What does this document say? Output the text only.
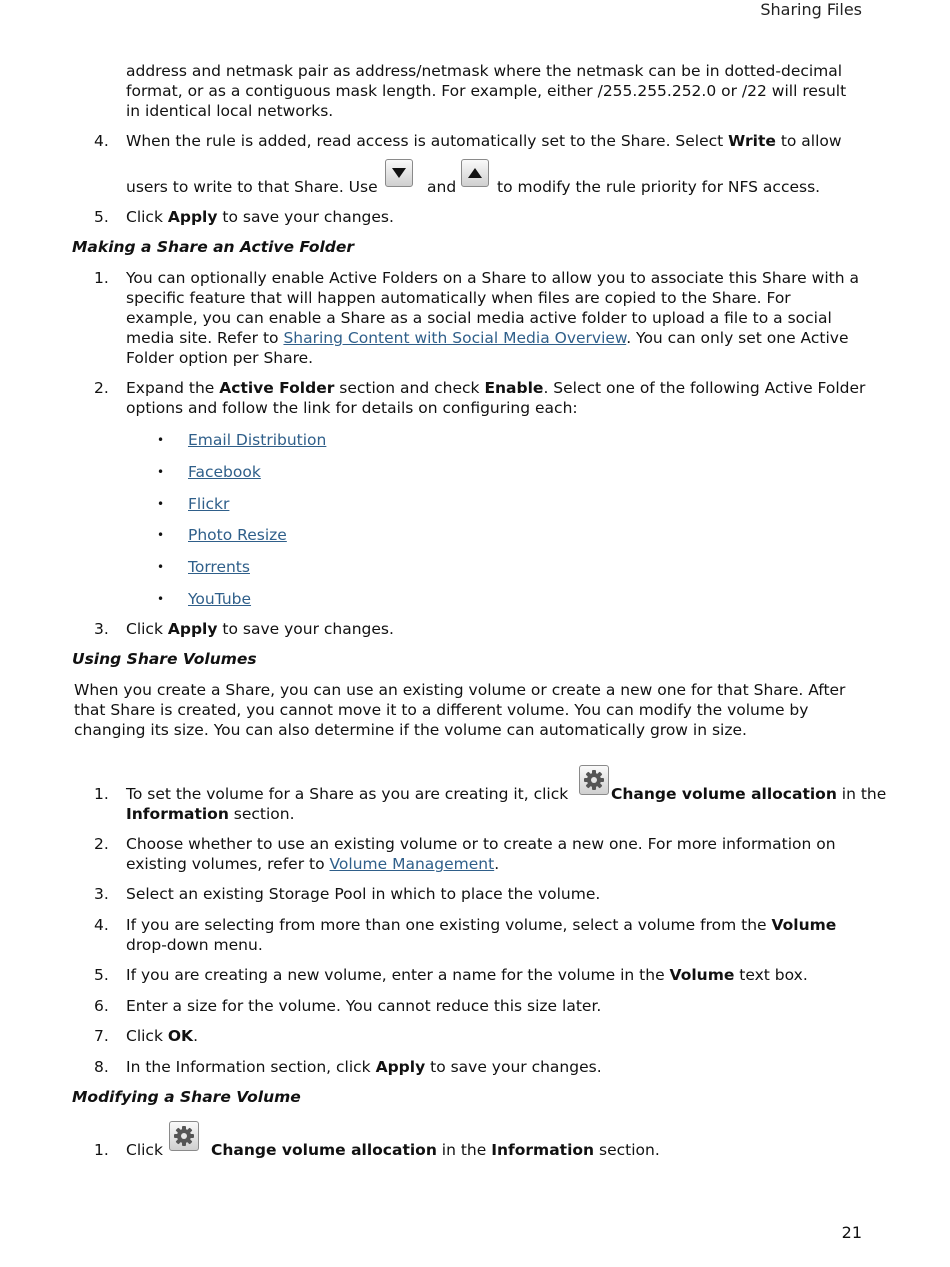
Sharing Files
address and netmask pair as address/netmask where the netmask can be in dotted-decimal
format, or as a contiguous mask length. For example, either /255.255.252.0 or /22 will result
in identical local networks.
4. When the rule is added, read access is automatically set to the Share. Select Write to allow
users to write to that Share. Use	and	to modify the rule priority for NFS access.
5. Click Apply to save your changes.
Making a Share an Active Folder
1. You can optionally enable Active Folders on a Share to allow you to associate this Share with a
specific feature that will happen automatically when files are copied to the Share. For
example, you can enable a Share as a social media active folder to upload a file to a social
media site. Refer to Sharing Content with Social Media Overview. You can only set one Active
Folder option per Share.
2. Expand the Active Folder section and check Enable. Select one of the following Active Folder
options and follow the link for details on configuring each:
• Email Distribution
• Facebook
• Flickr
• Photo Resize
• Torrents
• YouTube
3. Click Apply to save your changes.
Using Share Volumes
When you create a Share, you can use an existing volume or create a new one for that Share. After
that Share is created, you cannot move it to a different volume. You can modify the volume by
changing its size. You can also determine if the volume can automatically grow in size.
1. To set the volume for a Share as you are creating it, click	Change volume allocation in the
Information section.
2. Choose whether to use an existing volume or to create a new one. For more information on
existing volumes, refer to Volume Management.
3. Select an existing Storage Pool in which to place the volume.
4. If you are selecting from more than one existing volume, select a volume from the Volume
drop-down menu.
5. If you are creating a new volume, enter a name for the volume in the Volume text box.
6. Enter a size for the volume. You cannot reduce this size later.
7. Click OK.
8. In the Information section, click Apply to save your changes.
Modifying a Share Volume
1. Click	Change volume allocation in the Information section.
21
